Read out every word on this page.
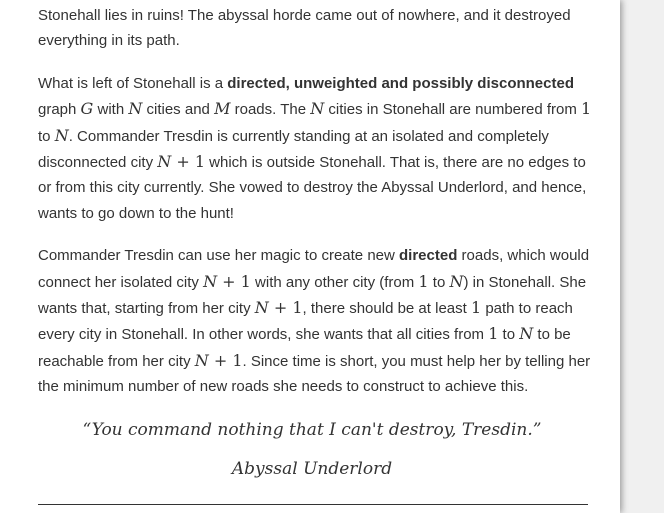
Stonehall lies in ruins! The abyssal horde came out of nowhere, and it destroyed everything in its path.

What is left of Stonehall is a directed, unweighted and possibly disconnected graph G with N cities and M roads. The N cities in Stonehall are numbered from 1 to N. Commander Tresdin is currently standing at an isolated and completely disconnected city N + 1 which is outside Stonehall. That is, there are no edges to or from this city currently. She vowed to destroy the Abyssal Underlord, and hence, wants to go down to the hunt!

Commander Tresdin can use her magic to create new directed roads, which would connect her isolated city N + 1 with any other city (from 1 to N) in Stonehall. She wants that, starting from her city N + 1, there should be at least 1 path to reach every city in Stonehall. In other words, she wants that all cities from 1 to N to be reachable from her city N + 1. Since time is short, you must help her by telling her the minimum number of new roads she needs to construct to achieve this.

“You command nothing that I can't destroy, Tresdin.”
Abyssal Underlord
